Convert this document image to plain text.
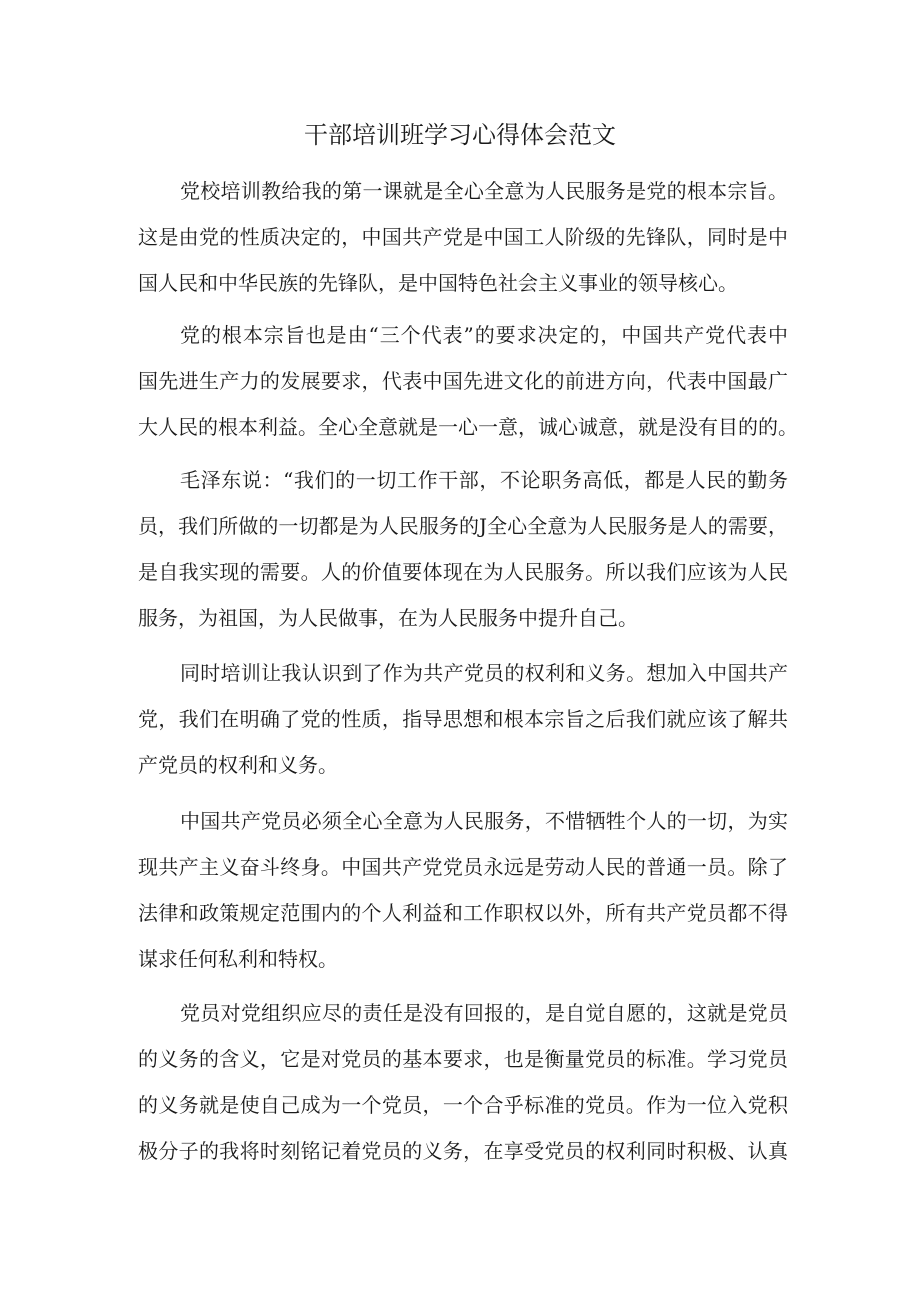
干部培训班学习心得体会范文
党校培训教给我的第一课就是全心全意为人民服务是党的根本宗旨。
这是由党的性质决定的，中国共产党是中国工人阶级的先锋队，同时是中
国人民和中华民族的先锋队，是中国特色社会主义事业的领导核心。
党的根本宗旨也是由“三个代表”的要求决定的，中国共产党代表中
国先进生产力的发展要求，代表中国先进文化的前进方向，代表中国最广
大人民的根本利益。全心全意就是一心一意，诚心诚意，就是没有目的的。
毛泽东说：“我们的一切工作干部，不论职务高低，都是人民的勤务
员，我们所做的一切都是为人民服务的J全心全意为人民服务是人的需要，
是自我实现的需要。人的价值要体现在为人民服务。所以我们应该为人民
服务，为祖国，为人民做事，在为人民服务中提升自己。
同时培训让我认识到了作为共产党员的权利和义务。想加入中国共产
党，我们在明确了党的性质，指导思想和根本宗旨之后我们就应该了解共
产党员的权利和义务。
中国共产党员必须全心全意为人民服务，不惜牺牲个人的一切，为实
现共产主义奋斗终身。中国共产党党员永远是劳动人民的普通一员。除了
法律和政策规定范围内的个人利益和工作职权以外，所有共产党员都不得
谋求任何私利和特权。
党员对党组织应尽的责任是没有回报的，是自觉自愿的，这就是党员
的义务的含义，它是对党员的基本要求，也是衡量党员的标准。学习党员
的义务就是使自己成为一个党员，一个合乎标准的党员。作为一位入党积
极分子的我将时刻铭记着党员的义务，在享受党员的权利同时积极、认真
